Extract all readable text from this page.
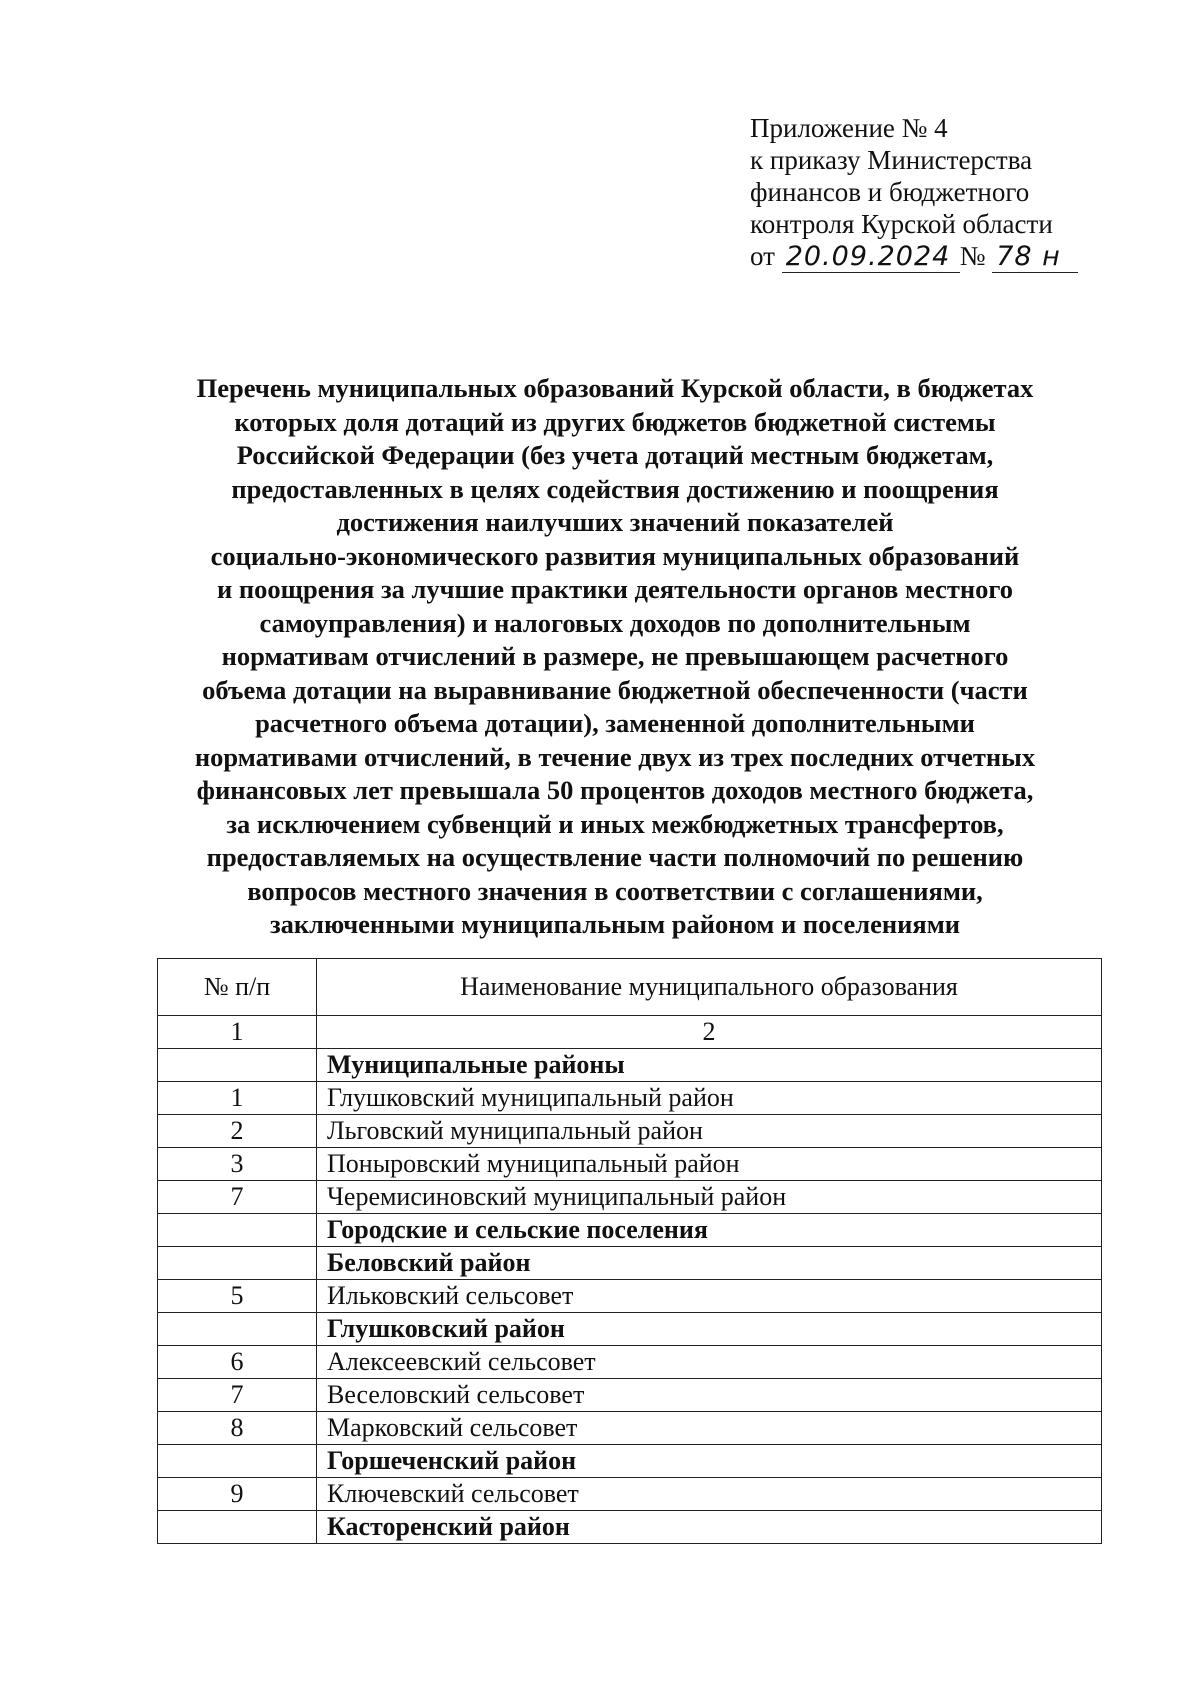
Приложение № 4
к приказу Министерства
финансов и бюджетного
контроля Курской области
от 20.09.2024 № 78 н
Перечень муниципальных образований Курской области, в бюджетах
которых доля дотаций из других бюджетов бюджетной системы
Российской Федерации (без учета дотаций местным бюджетам,
предоставленных в целях содействия достижению и поощрения
достижения наилучших значений показателей
социально-экономического развития муниципальных образований
и поощрения за лучшие практики деятельности органов местного
самоуправления) и налоговых доходов по дополнительным
нормативам отчислений в размере, не превышающем расчетного
объема дотации на выравнивание бюджетной обеспеченности (части
расчетного объема дотации), замененной дополнительными
нормативами отчислений, в течение двух из трех последних отчетных
финансовых лет превышала 50 процентов доходов местного бюджета,
за исключением субвенций и иных межбюджетных трансфертов,
предоставляемых на осуществление части полномочий по решению
вопросов местного значения в соответствии с соглашениями,
заключенными муниципальным районом и поселениями
№ п/п	Наименование муниципального образования
1	2
	Муниципальные районы
1	Глушковский муниципальный район
2	Льговский муниципальный район
3	Поныровский муниципальный район
7	Черемисиновский муниципальный район
	Городские и сельские поселения
	Беловский район
5	Ильковский сельсовет
	Глушковский район
6	Алексеевский сельсовет
7	Веселовский сельсовет
8	Марковский сельсовет
	Горшеченский район
9	Ключевский сельсовет
	Касторенский район
